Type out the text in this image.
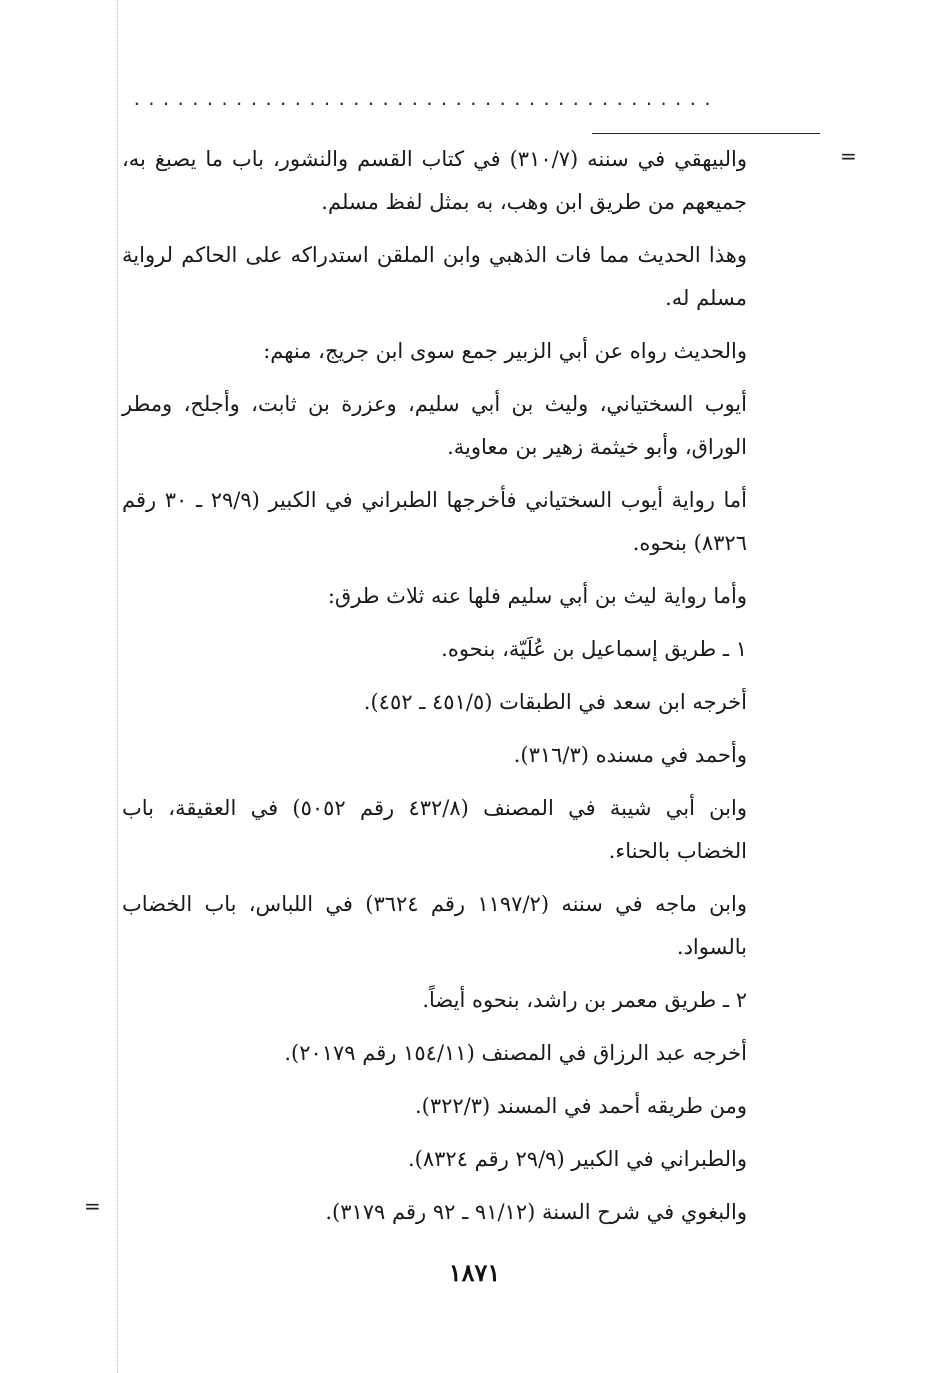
........................................
=
=

والبيهقي في سننه (٣١٠/٧) في كتاب القسم والنشور، باب ما يصبغ به، جميعهم من طريق ابن وهب، به بمثل لفظ مسلم.

وهذا الحديث مما فات الذهبي وابن الملقن استدراكه على الحاكم لرواية مسلم له.

والحديث رواه عن أبي الزبير جمع سوى ابن جريج، منهم:

أيوب السختياني، وليث بن أبي سليم، وعزرة بن ثابت، وأجلح، ومطر الوراق، وأبو خيثمة زهير بن معاوية.

أما رواية أيوب السختياني فأخرجها الطبراني في الكبير (٢٩/٩ ـ ٣٠ رقم ٨٣٢٦) بنحوه.

وأما رواية ليث بن أبي سليم فلها عنه ثلاث طرق:

١ ـ طريق إسماعيل بن عُلَيّة، بنحوه.

أخرجه ابن سعد في الطبقات (٤٥١/٥ ـ ٤٥٢).

وأحمد في مسنده (٣١٦/٣).

وابن أبي شيبة في المصنف (٤٣٢/٨ رقم ٥٠٥٢) في العقيقة، باب الخضاب بالحناء.

وابن ماجه في سننه (١١٩٧/٢ رقم ٣٦٢٤) في اللباس، باب الخضاب بالسواد.

٢ ـ طريق معمر بن راشد، بنحوه أيضاً.

أخرجه عبد الرزاق في المصنف (١٥٤/١١ رقم ٢٠١٧٩).

ومن طريقه أحمد في المسند (٣٢٢/٣).

والطبراني في الكبير (٢٩/٩ رقم ٨٣٢٤).

والبغوي في شرح السنة (٩١/١٢ ـ ٩٢ رقم ٣١٧٩).

١٨٧١
